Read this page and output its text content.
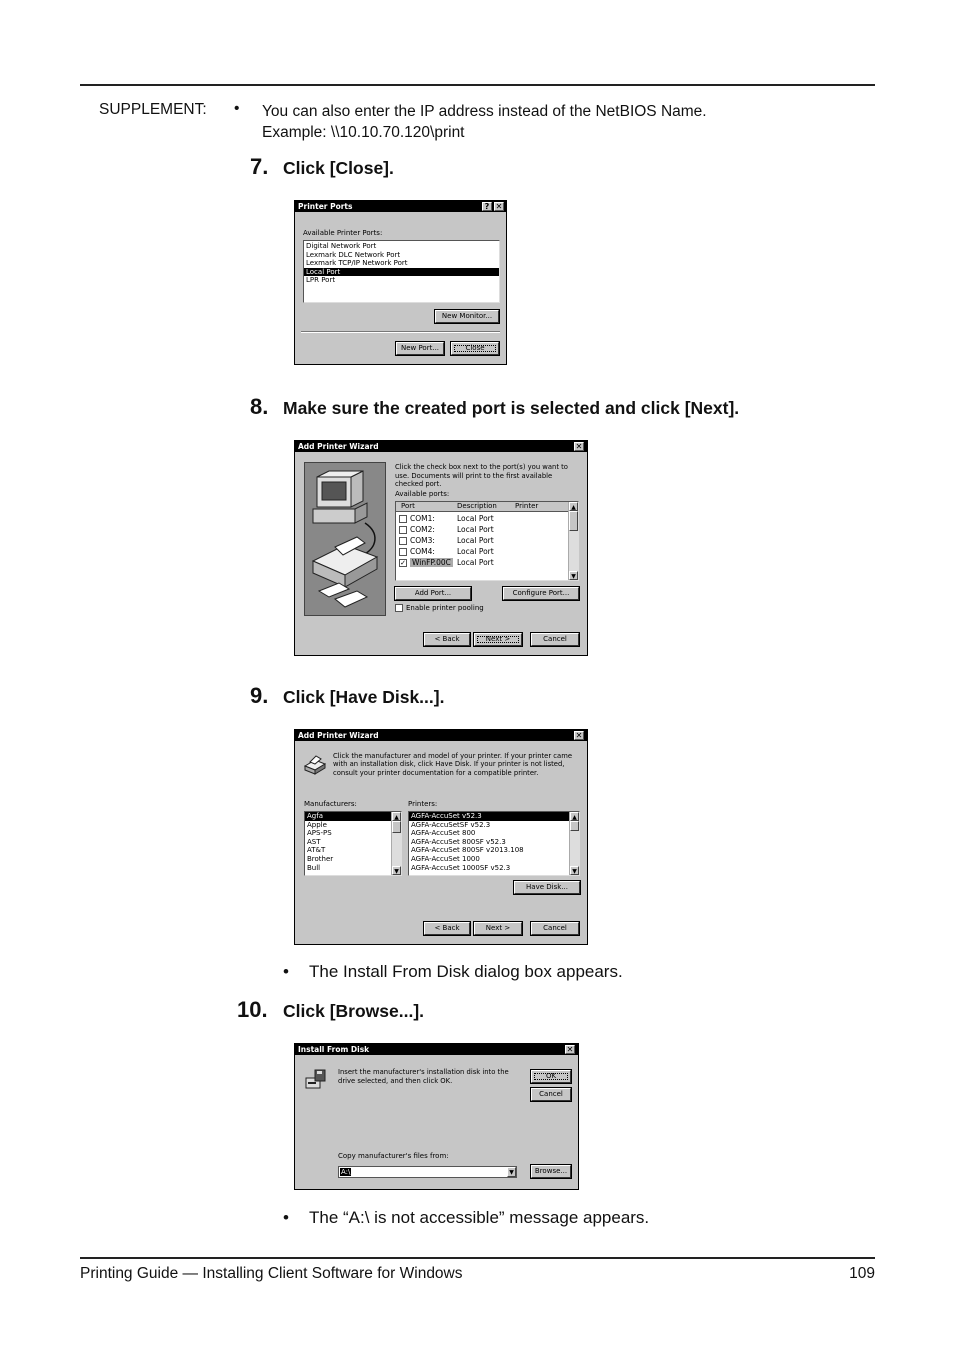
SUPPLEMENT: • You can also enter the IP address instead of the NetBIOS Name.
Example: \\10.10.70.120\print
7. Click [Close].
Printer Ports	? ✕
Available Printer Ports:
Digital Network Port
Lexmark DLC Network Port
Lexmark TCP/IP Network Port
Local Port
LPR Port
New Monitor...
New Port...	Close
8. Make sure the created port is selected and click [Next].
Add Printer Wizard	✕
Click the check box next to the port(s) you want to use. Documents will print to the first available checked port.
Available ports:
Port	Description	Printer
COM1:	Local Port
COM2:	Local Port
COM3:	Local Port
COM4:	Local Port
✓ WinFP.00C Local Port
▲
▼
Add Port...	Configure Port...
Enable printer pooling
< Back	Next >	Cancel
9. Click [Have Disk...].
Add Printer Wizard	✕
Click the manufacturer and model of your printer. If your printer came with an installation disk, click Have Disk. If your printer is not listed, consult your printer documentation for a compatible printer.
Manufacturers:
Agfa
Apple
APS-PS
AST
AT&T
Brother
Bull
▲
▼
Printers:
AGFA-AccuSet v52.3
AGFA-AccuSetSF v52.3
AGFA-AccuSet 800
AGFA-AccuSet 800SF v52.3
AGFA-AccuSet 800SF v2013.108
AGFA-AccuSet 1000
AGFA-AccuSet 1000SF v52.3
▲
▼
Have Disk...
< Back	Next >	Cancel
• The Install From Disk dialog box appears.
10. Click [Browse...].
Install From Disk	✕
Insert the manufacturer's installation disk into the drive selected, and then click OK.
OK
Cancel
Copy manufacturer's files from:
A:\	▼	Browse...
• The “A:\ is not accessible” message appears.
Printing Guide — Installing Client Software for Windows	109
